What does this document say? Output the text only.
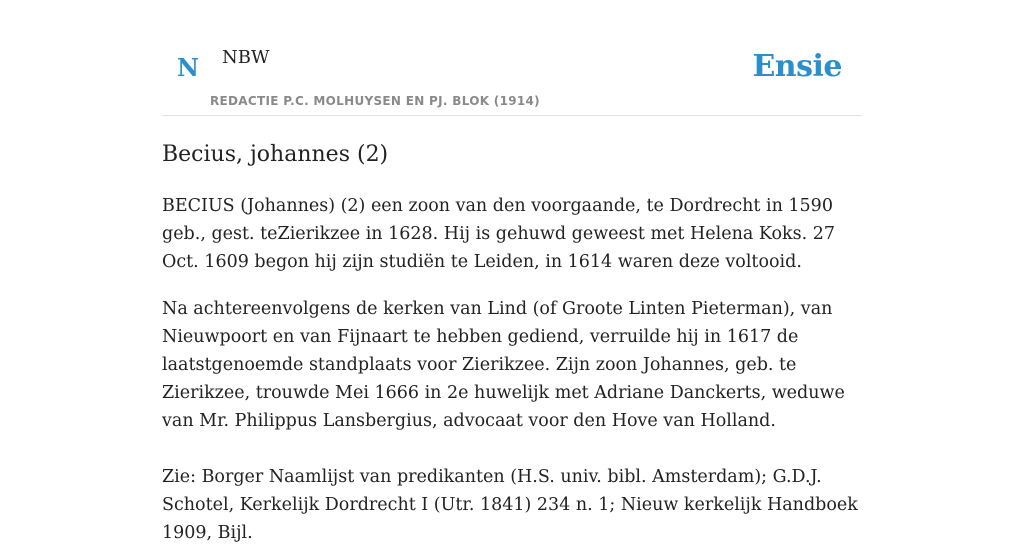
N NBW
REDACTIE P.C. MOLHUYSEN EN PJ. BLOK (1914)
Ensie
Becius, johannes (2)

BECIUS (Johannes) (2) een zoon van den voorgaande, te Dordrecht in 1590 geb., gest. teZierikzee in 1628. Hij is gehuwd geweest met Helena Koks. 27 Oct. 1609 begon hij zijn studiën te Leiden, in 1614 waren deze voltooid.

Na achtereenvolgens de kerken van Lind (of Groote Linten Pieterman), van Nieuwpoort en van Fijnaart te hebben gediend, verruilde hij in 1617 de laatstgenoemde standplaats voor Zierikzee. Zijn zoon Johannes, geb. te Zierikzee, trouwde Mei 1666 in 2e huwelijk met Adriane Danckerts, weduwe van Mr. Philippus Lansbergius, advocaat voor den Hove van Holland.

Zie: Borger Naamlijst van predikanten (H.S. univ. bibl. Amsterdam); G.D.J. Schotel, Kerkelijk Dordrecht I (Utr. 1841) 234 n. 1; Nieuw kerkelijk Handboek 1909, Bijl.
